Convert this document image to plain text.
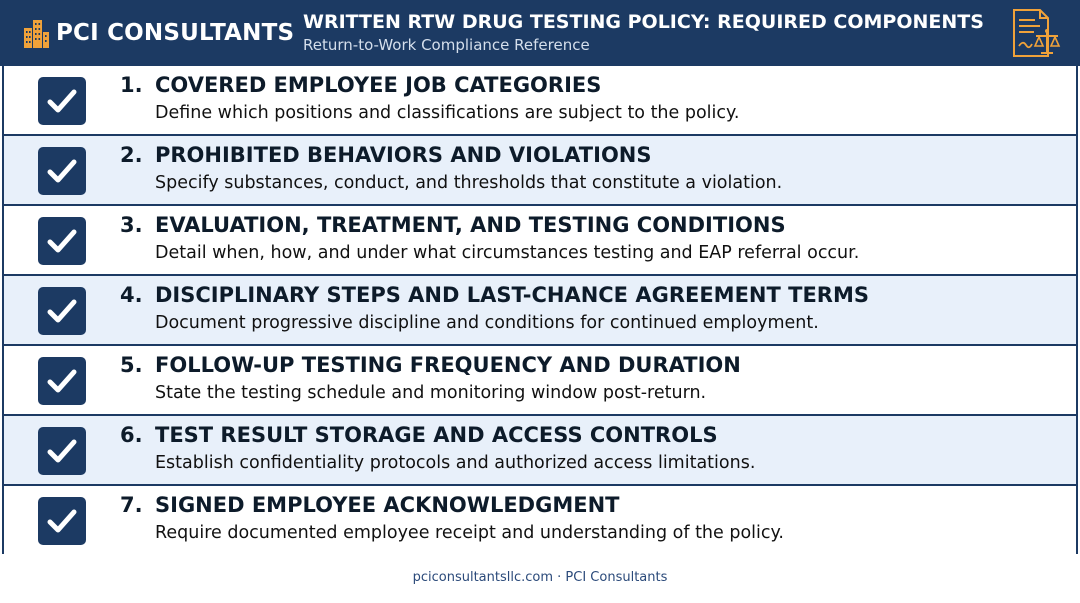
PCI CONSULTANTS WRITTEN RTW DRUG TESTING POLICY: REQUIRED COMPONENTS
Return-to-Work Compliance Reference
1. COVERED EMPLOYEE JOB CATEGORIES
Define which positions and classifications are subject to the policy.
2. PROHIBITED BEHAVIORS AND VIOLATIONS
Specify substances, conduct, and thresholds that constitute a violation.
3. EVALUATION, TREATMENT, AND TESTING CONDITIONS
Detail when, how, and under what circumstances testing and EAP referral occur.
4. DISCIPLINARY STEPS AND LAST-CHANCE AGREEMENT TERMS
Document progressive discipline and conditions for continued employment.
5. FOLLOW-UP TESTING FREQUENCY AND DURATION
State the testing schedule and monitoring window post-return.
6. TEST RESULT STORAGE AND ACCESS CONTROLS
Establish confidentiality protocols and authorized access limitations.
7. SIGNED EMPLOYEE ACKNOWLEDGMENT
Require documented employee receipt and understanding of the policy.
pciconsultantsllc.com · PCI Consultants
